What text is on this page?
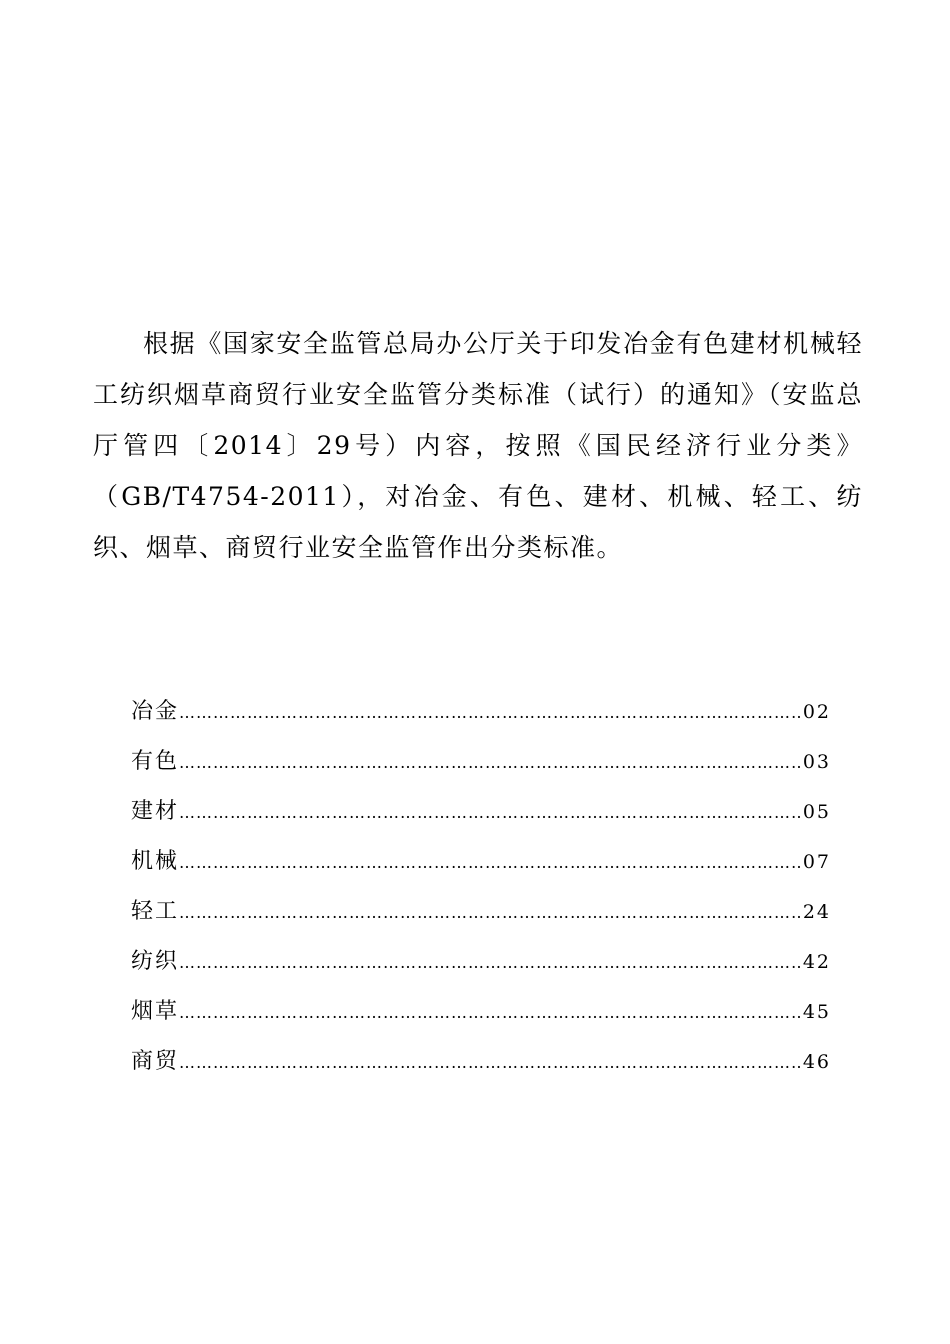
根据《国家安全监管总局办公厅关于印发冶金有色建材机械轻工纺织烟草商贸行业安全监管分类标准（试行）的通知》（安监总厅管四〔2014〕29号）内容，按照《国民经济行业分类》（GB/T4754-2011），对冶金、有色、建材、机械、轻工、纺织、烟草、商贸行业安全监管作出分类标准。

冶金 ……………………………………………………………………………………………………………………………………………………	02
有色 ……………………………………………………………………………………………………………………………………………………	03
建材 ……………………………………………………………………………………………………………………………………………………	05
机械 ……………………………………………………………………………………………………………………………………………………	07
轻工 ……………………………………………………………………………………………………………………………………………………	24
纺织 ……………………………………………………………………………………………………………………………………………………	42
烟草 ……………………………………………………………………………………………………………………………………………………	45
商贸 ……………………………………………………………………………………………………………………………………………………	46
